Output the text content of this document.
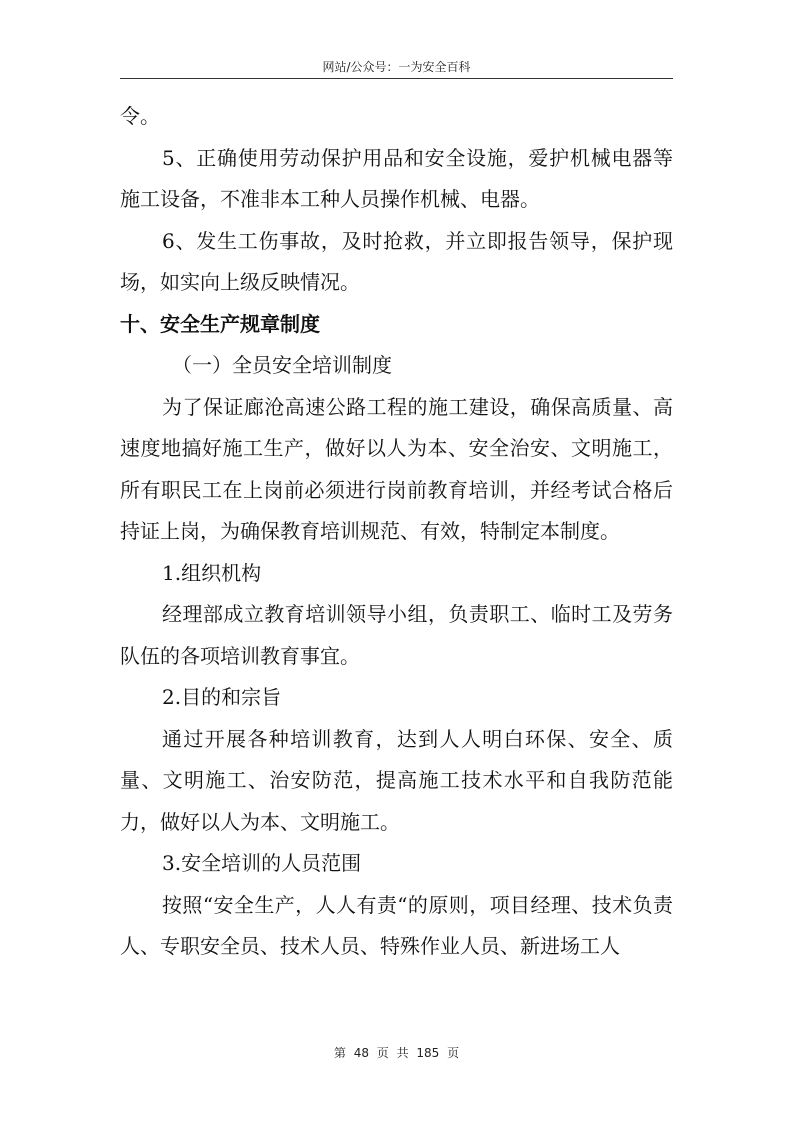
网站/公众号：一为安全百科

令。

5、正确使用劳动保护用品和安全设施，爱护机械电器等施工设备，不准非本工种人员操作机械、电器。

6、发生工伤事故，及时抢救，并立即报告领导，保护现场，如实向上级反映情况。

十、安全生产规章制度

（一）全员安全培训制度

为了保证廊沧高速公路工程的施工建设，确保高质量、高速度地搞好施工生产，做好以人为本、安全治安、文明施工，所有职民工在上岗前必须进行岗前教育培训，并经考试合格后持证上岗，为确保教育培训规范、有效，特制定本制度。

1.组织机构

经理部成立教育培训领导小组，负责职工、临时工及劳务队伍的各项培训教育事宜。

2.目的和宗旨

通过开展各种培训教育，达到人人明白环保、安全、质量、文明施工、治安防范，提高施工技术水平和自我防范能力，做好以人为本、文明施工。

3.安全培训的人员范围

按照“安全生产，人人有责“的原则，项目经理、技术负责人、专职安全员、技术人员、特殊作业人员、新进场工人

第 48 页 共 185 页
